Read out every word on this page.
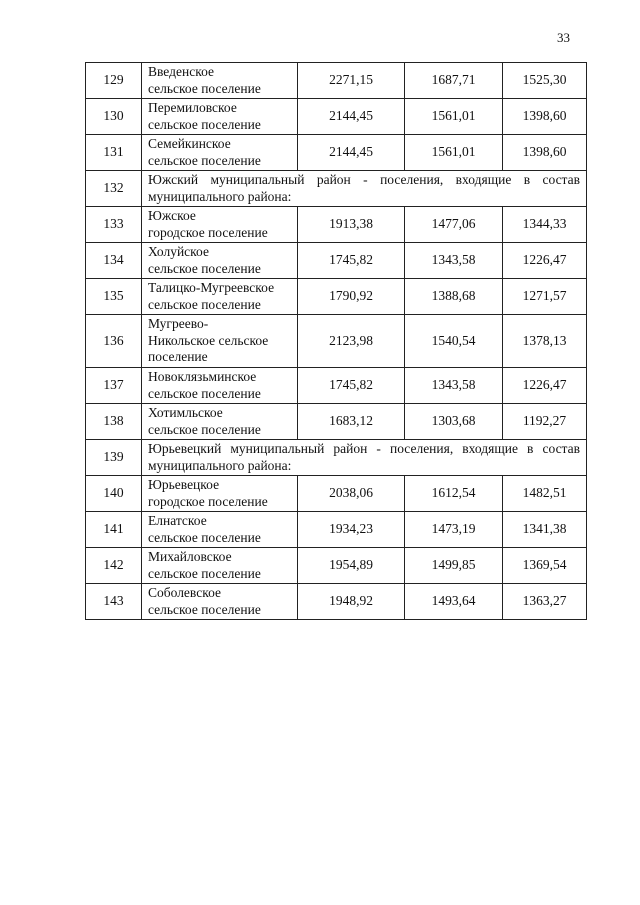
33
129	Введенское
сельское поселение	2271,15	1687,71	1525,30
130	Перемиловское
сельское поселение	2144,45	1561,01	1398,60
131	Семейкинское
сельское поселение	2144,45	1561,01	1398,60
132	Южский муниципальный район - поселения, входящие в состав муниципального района:			
133	Южское
городское поселение	1913,38	1477,06	1344,33
134	Холуйское
сельское поселение	1745,82	1343,58	1226,47
135	Талицко-Мугреевское
сельское поселение	1790,92	1388,68	1271,57
136	Мугреево-
Никольское сельское
поселение	2123,98	1540,54	1378,13
137	Новоклязьминское
сельское поселение	1745,82	1343,58	1226,47
138	Хотимльское
сельское поселение	1683,12	1303,68	1192,27
139	Юрьевецкий муниципальный район - поселения, входящие в состав муниципального района:			
140	Юрьевецкое
городское поселение	2038,06	1612,54	1482,51
141	Елнатское
сельское поселение	1934,23	1473,19	1341,38
142	Михайловское
сельское поселение	1954,89	1499,85	1369,54
143	Соболевское
сельское поселение	1948,92	1493,64	1363,27
